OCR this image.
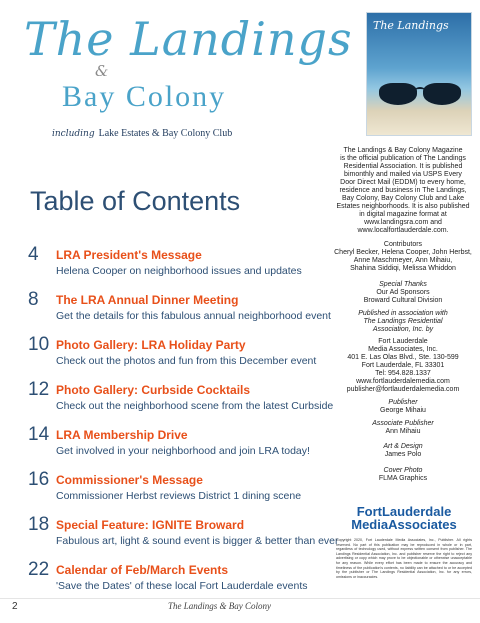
The Landings
&
Bay Colony
including Lake Estates & Bay Colony Club
The Landings
Table of Contents
4 LRA President's Message
Helena Cooper on neighborhood issues and updates
8 The LRA Annual Dinner Meeting
Get the details for this fabulous annual neighborhood event
10 Photo Gallery: LRA Holiday Party
Check out the photos and fun from this December event
12 Photo Gallery: Curbside Cocktails
Check out the neighborhood scene from the latest Curbside
14 LRA Membership Drive
Get involved in your neighborhood and join LRA today!
16 Commissioner's Message
Commissioner Herbst reviews District 1 dining scene
18 Special Feature: IGNITE Broward
Fabulous art, light & sound event is bigger & better than ever
22 Calendar of Feb/March Events
'Save the Dates' of these local Fort Lauderdale events

The Landings & Bay Colony Magazine
is the official publication of The Landings
Residential Association. It is published
bimonthly and mailed via USPS Every
Door Direct Mail (EDDM) to every home,
residence and business in The Landings,
Bay Colony, Bay Colony Club and Lake
Estates neighborhoods. It is also published
in digital magazine format at
www.landingsra.com and
www.localfortlauderdale.com.

Contributors

Cheryl Becker, Helena Cooper, John Herbst,
Anne Maschmeyer, Ann Mihaiu,
Shahina Siddiqi, Melissa Whiddon

Special Thanks

Our Ad Sponsors
Broward Cultural Division

Published in association with
The Landings Residential
Association, Inc. by

Fort Lauderdale
Media Associates, Inc.
401 E. Las Olas Blvd., Ste. 130-599
Fort Lauderdale, FL 33301
Tel: 954.828.1337
www.fortlauderdalemedia.com
publisher@fortlauderdalemedia.com

Publisher

George Mihaiu

Associate Publisher

Ann Mihaiu

Art & Design

James Polo

Cover Photo

FLMA Graphics

FortLauderdale
MediaAssociates
Copyright 2020, Fort Lauderdale Media Associates, Inc., Publisher. All rights reserved. No part of this publication may be reproduced in whole or in part, regardless of technology used, without express written consent from publisher. The Landings Residential Association, Inc. and publisher reserve the right to reject any advertising or copy which may prove to be objectionable or otherwise unacceptable for any reason. While every effort has been made to ensure the accuracy and timeliness of the publication's contents, no liability can be attached to or be accepted by the publisher or The Landings Residential Association, Inc. for any errors, omissions or inaccuracies.
2	The Landings & Bay Colony
